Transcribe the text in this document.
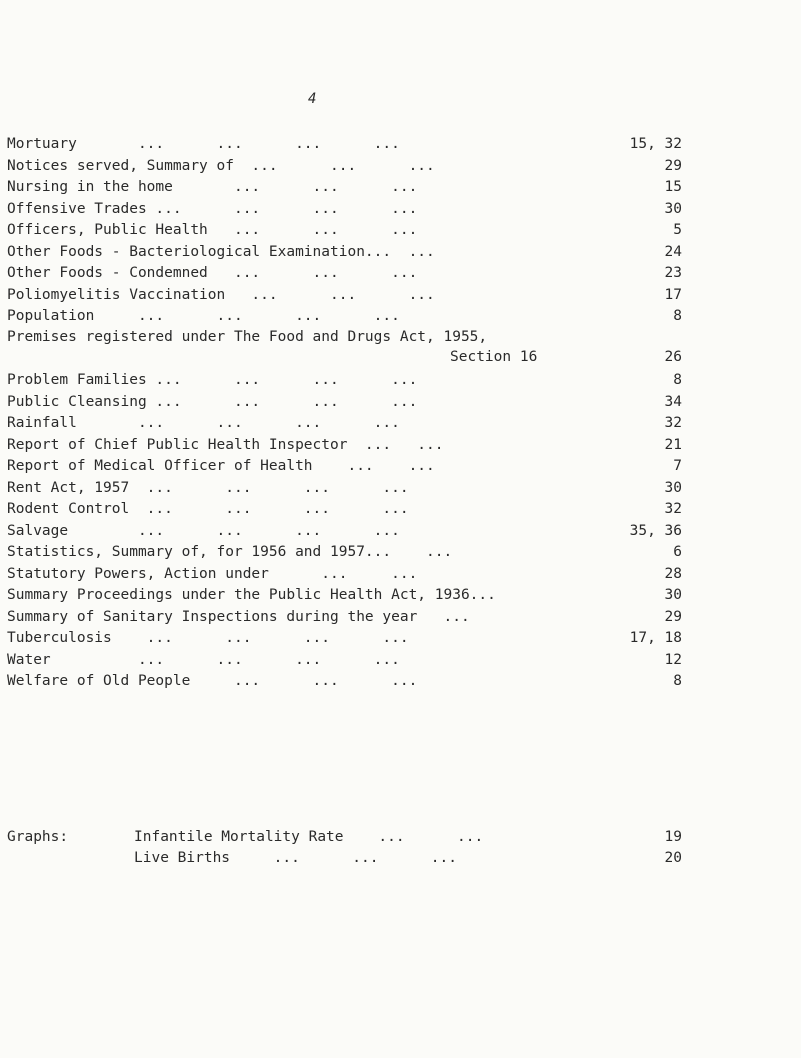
4
Mortuary       ...      ...      ...      ...	15, 32
Notices served, Summary of  ...      ...      ...	29
Nursing in the home       ...      ...      ...	15
Offensive Trades ...      ...      ...      ...	30
Officers, Public Health   ...      ...      ...	5
Other Foods - Bacteriological Examination...  ...	24
Other Foods - Condemned   ...      ...      ...	23
Poliomyelitis Vaccination   ...      ...      ...	17
Population     ...      ...      ...      ...	8
Premises registered under The Food and Drugs Act, 1955,
Section 16	26
Problem Families ...      ...      ...      ...	8
Public Cleansing ...      ...      ...      ...	34
Rainfall       ...      ...      ...      ...	32
Report of Chief Public Health Inspector  ...   ...	21
Report of Medical Officer of Health    ...    ...	7
Rent Act, 1957  ...      ...      ...      ...	30
Rodent Control  ...      ...      ...      ...	32
Salvage        ...      ...      ...      ...	35, 36
Statistics, Summary of, for 1956 and 1957...    ...	6
Statutory Powers, Action under      ...     ...	28
Summary Proceedings under the Public Health Act, 1936...	30
Summary of Sanitary Inspections during the year   ...	29
Tuberculosis    ...      ...      ...      ...	17, 18
Water          ...      ...      ...      ...	12
Welfare of Old People     ...      ...      ...	8
Graphs:	Infantile Mortality Rate    ...      ...	19
Live Births     ...      ...      ...	20
